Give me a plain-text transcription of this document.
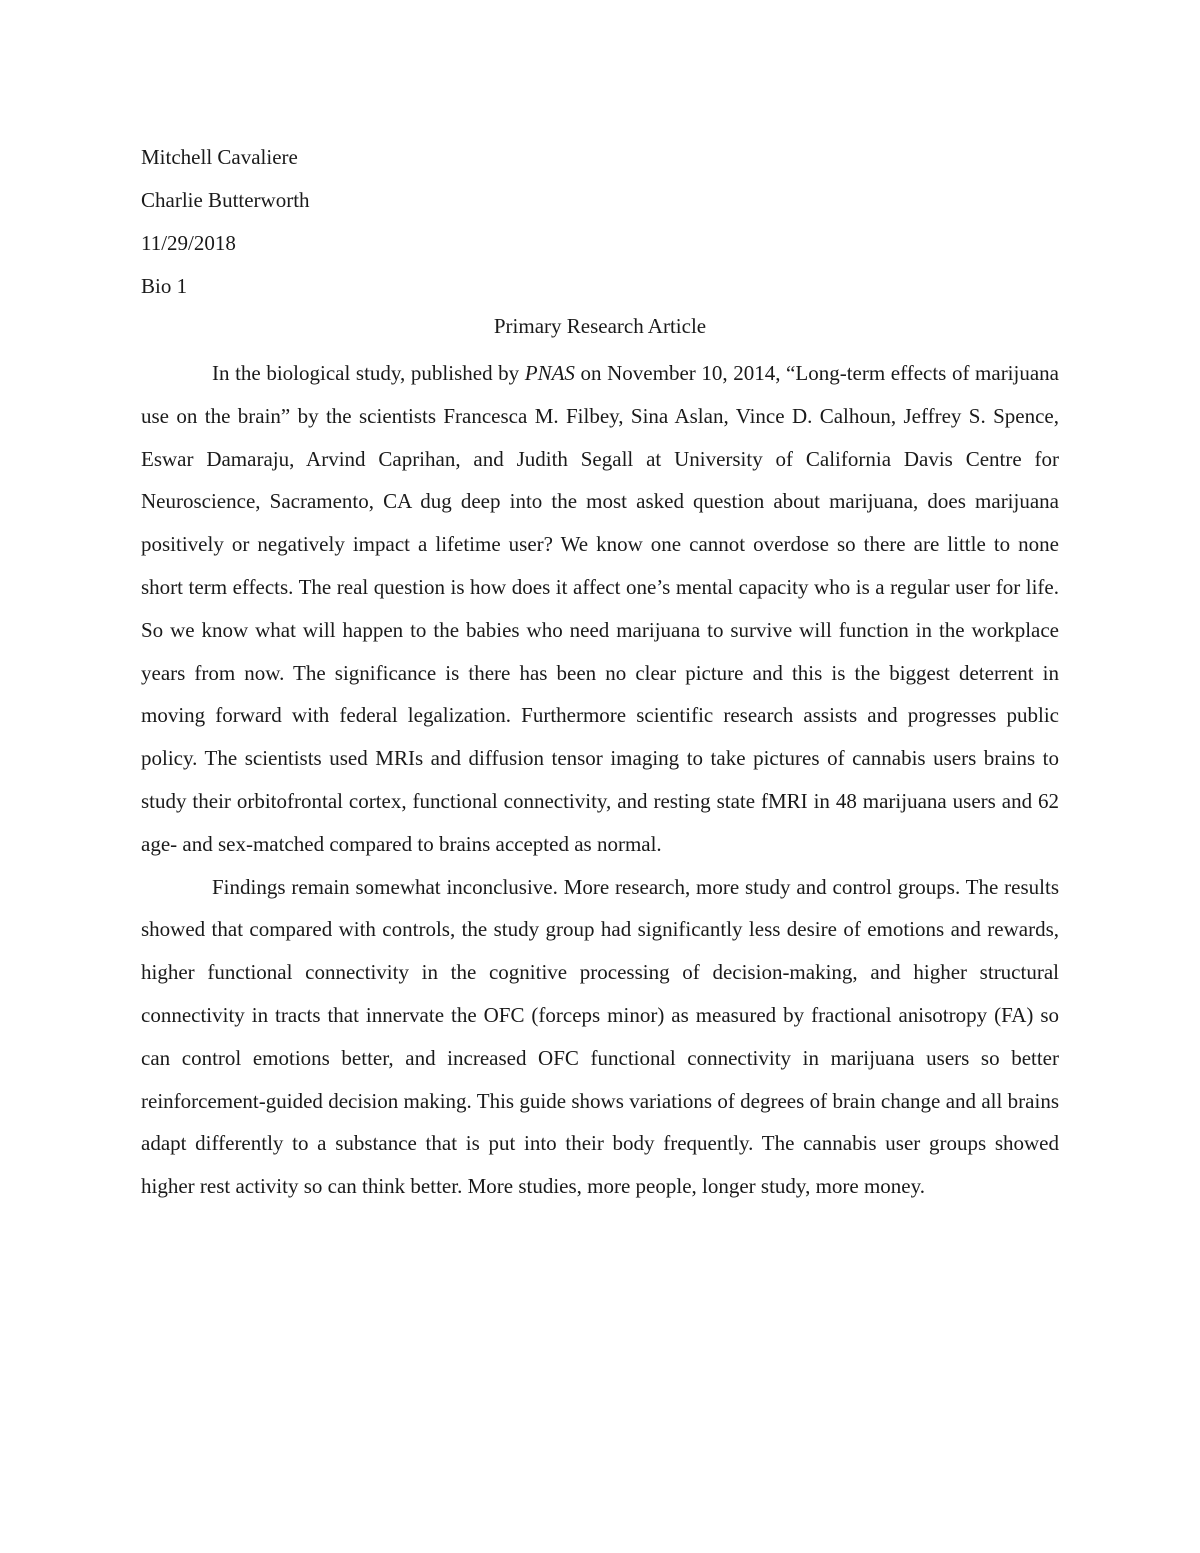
Mitchell Cavaliere
Charlie Butterworth
11/29/2018
Bio 1
Primary Research Article

In the biological study, published by PNAS on November 10, 2014, “Long-term effects of marijuana use on the brain” by the scientists Francesca M. Filbey, Sina Aslan, Vince D. Calhoun, Jeffrey S. Spence, Eswar Damaraju, Arvind Caprihan, and Judith Segall at University of California Davis Centre for Neuroscience, Sacramento, CA dug deep into the most asked question about marijuana, does marijuana positively or negatively impact a lifetime user? We know one cannot overdose so there are little to none short term effects. The real question is how does it affect one’s mental capacity who is a regular user for life. So we know what will happen to the babies who need marijuana to survive will function in the workplace years from now. The significance is there has been no clear picture and this is the biggest deterrent in moving forward with federal legalization. Furthermore scientific research assists and progresses public policy. The scientists used MRIs and diffusion tensor imaging to take pictures of cannabis users brains to study their orbitofrontal cortex, functional connectivity, and resting state fMRI in 48 marijuana users and 62 age- and sex-matched compared to brains accepted as normal.

Findings remain somewhat inconclusive. More research, more study and control groups. The results showed that compared with controls, the study group had significantly less desire of emotions and rewards, higher functional connectivity in the cognitive processing of decision-making, and higher structural connectivity in tracts that innervate the OFC (forceps minor) as measured by fractional anisotropy (FA) so can control emotions better, and increased OFC functional connectivity in marijuana users so better reinforcement-guided decision making. This guide shows variations of degrees of brain change and all brains adapt differently to a substance that is put into their body frequently. The cannabis user groups showed higher rest activity so can think better. More studies, more people, longer study, more money.
